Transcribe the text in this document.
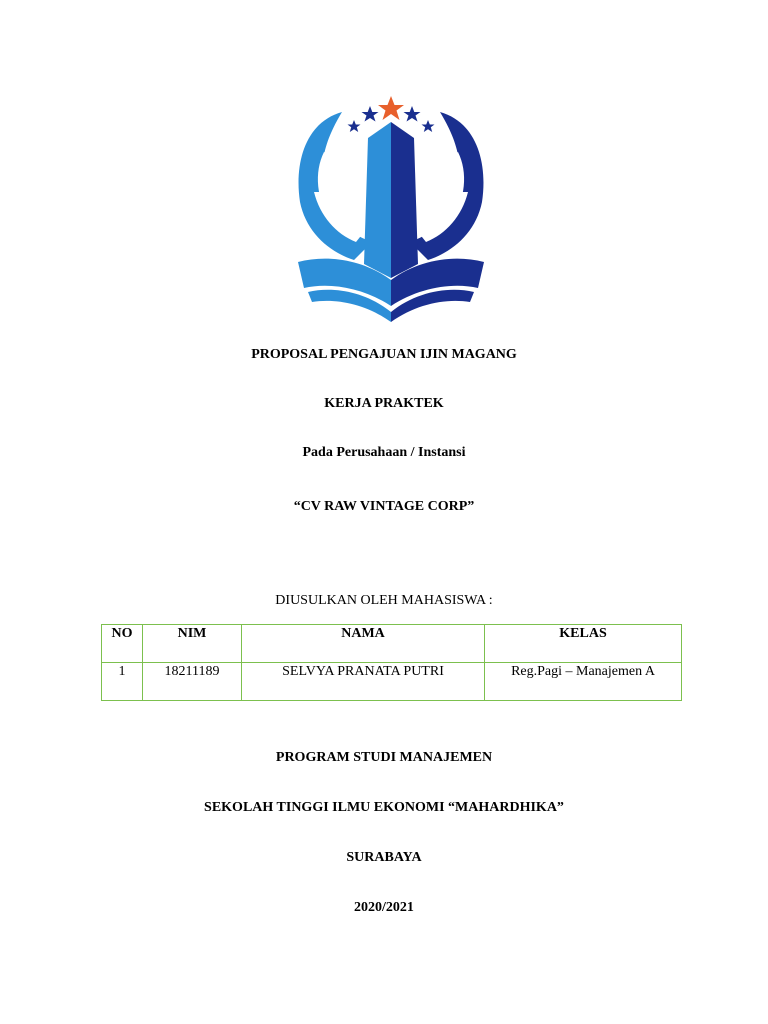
PROPOSAL PENGAJUAN IJIN MAGANG

KERJA PRAKTEK

Pada Perusahaan / Instansi

“CV RAW VINTAGE CORP”

DIUSULKAN OLEH MAHASISWA :

NO	NIM	NAMA	KELAS
1	18211189	SELVYA PRANATA PUTRI	Reg.Pagi – Manajemen A

PROGRAM STUDI MANAJEMEN

SEKOLAH TINGGI ILMU EKONOMI “MAHARDHIKA”

SURABAYA

2020/2021
